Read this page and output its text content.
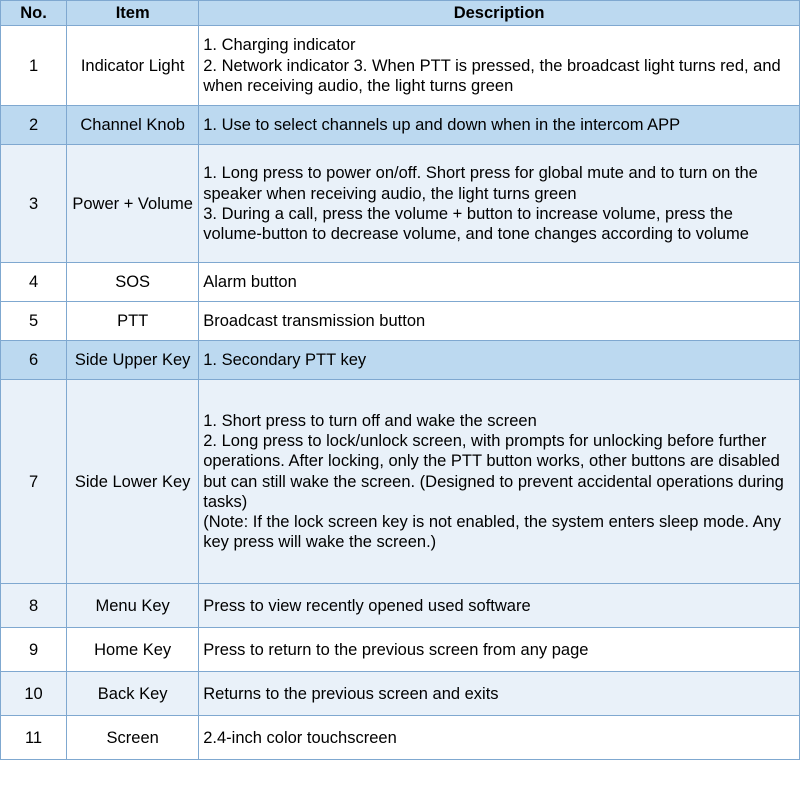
No.	Item	Description
1	Indicator Light	1. Charging indicator
2. Network indicator 3. When PTT is pressed, the broadcast light turns red, and when receiving audio, the light turns green

2	Channel Knob	1. Use to select channels up and down when in the intercom APP

3	Power + Volume	1. Long press to power on/off. Short press for global mute and to turn on the speaker when receiving audio, the light turns green
3. During a call, press the volume + button to increase volume, press the volume-button to decrease volume, and tone changes according to volume

4	SOS	Alarm button

5	PTT	Broadcast transmission button

6	Side Upper Key	1. Secondary PTT key

7	Side Lower Key	1. Short press to turn off and wake the screen
2. Long press to lock/unlock screen, with prompts for unlocking before further operations. After locking, only the PTT button works, other buttons are disabled but can still wake the screen. (Designed to prevent accidental operations during tasks)
(Note: If the lock screen key is not enabled, the system enters sleep mode. Any key press will wake the screen.)

8	Menu Key	Press to view recently opened used software

9	Home Key	Press to return to the previous screen from any page

10	Back Key	Returns to the previous screen and exits

11	Screen	2.4-inch color touchscreen
